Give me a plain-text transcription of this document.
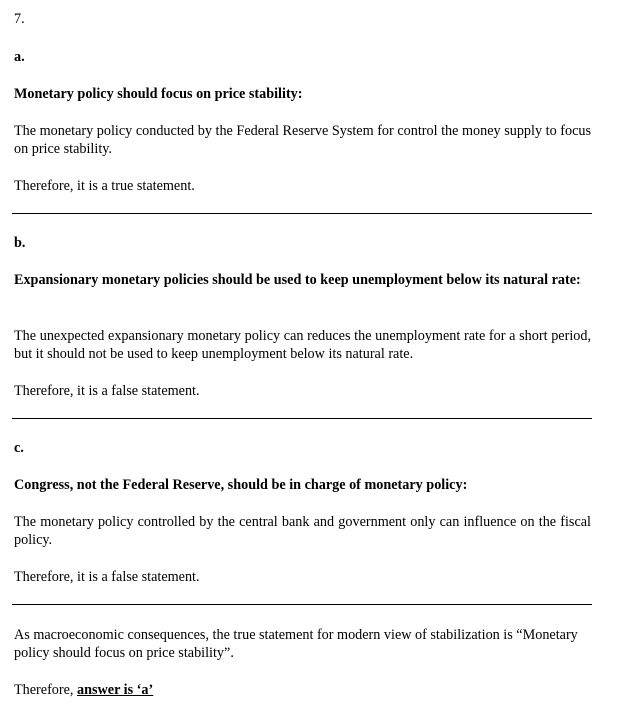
7.
a.
Monetary policy should focus on price stability:
The monetary policy conducted by the Federal Reserve System for control the money supply to focus on price stability.
Therefore, it is a true statement.
b.
Expansionary monetary policies should be used to keep unemployment below its natural rate:
The unexpected expansionary monetary policy can reduces the unemployment rate for a short period, but it should not be used to keep unemployment below its natural rate.
Therefore, it is a false statement.
c.
Congress, not the Federal Reserve, should be in charge of monetary policy:
The monetary policy controlled by the central bank and government only can influence on the fiscal policy.
Therefore, it is a false statement.
As macroeconomic consequences, the true statement for modern view of stabilization is “Monetary policy should focus on price stability”.
Therefore, answer is ‘a’
